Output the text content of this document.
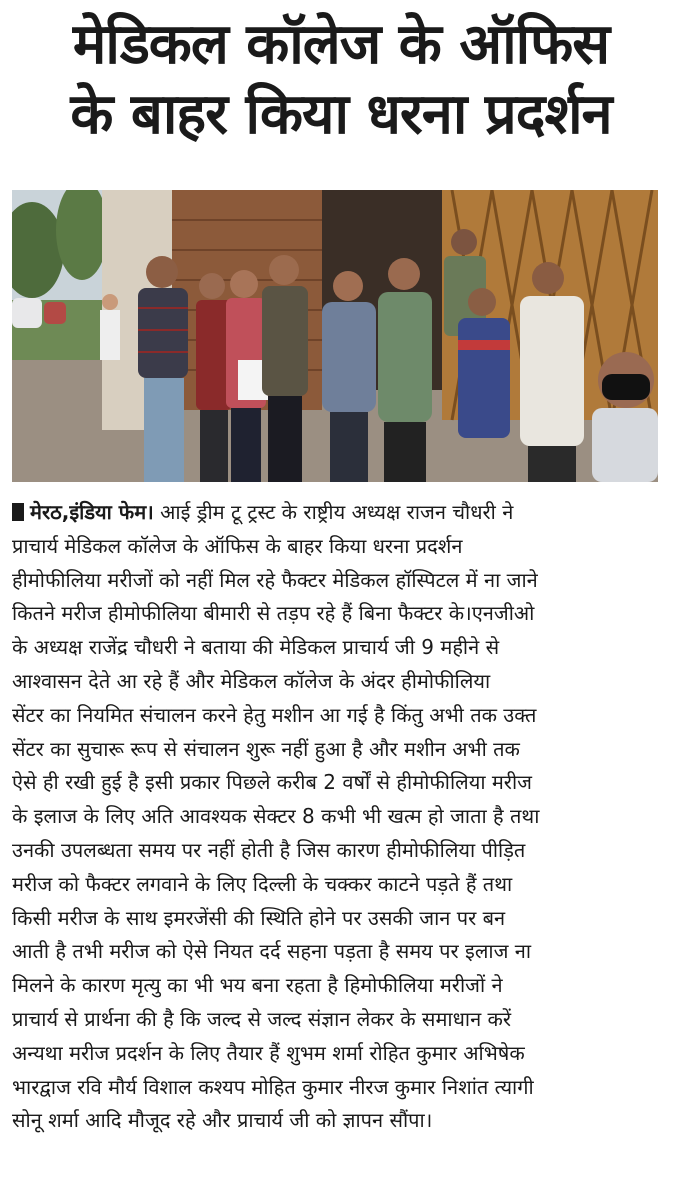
मेडिकल कॉलेज के ऑफिस
के बाहर किया धरना प्रदर्शन
मेरठ,इंडिया फेम। आई ड्रीम टू ट्रस्ट के राष्ट्रीय अध्यक्ष राजन चौधरी ने
प्राचार्य मेडिकल कॉलेज के ऑफिस के बाहर किया धरना प्रदर्शन
हीमोफीलिया मरीजों को नहीं मिल रहे फैक्टर मेडिकल हॉस्पिटल में ना जाने
कितने मरीज हीमोफीलिया बीमारी से तड़प रहे हैं बिना फैक्टर के।एनजीओ
के अध्यक्ष राजेंद्र चौधरी ने बताया की मेडिकल प्राचार्य जी 9 महीने से
आश्वासन देते आ रहे हैं और मेडिकल कॉलेज के अंदर हीमोफीलिया
सेंटर का नियमित संचालन करने हेतु मशीन आ गई है किंतु अभी तक उक्त
सेंटर का सुचारू रूप से संचालन शुरू नहीं हुआ है और मशीन अभी तक
ऐसे ही रखी हुई है इसी प्रकार पिछले करीब 2 वर्षों से हीमोफीलिया मरीज
के इलाज के लिए अति आवश्यक सेक्टर 8 कभी भी खत्म हो जाता है तथा
उनकी उपलब्धता समय पर नहीं होती है जिस कारण हीमोफीलिया पीड़ित
मरीज को फैक्टर लगवाने के लिए दिल्ली के चक्कर काटने पड़ते हैं तथा
किसी मरीज के साथ इमरजेंसी की स्थिति होने पर उसकी जान पर बन
आती है तभी मरीज को ऐसे नियत दर्द सहना पड़ता है समय पर इलाज ना
मिलने के कारण मृत्यु का भी भय बना रहता है हिमोफीलिया मरीजों ने
प्राचार्य से प्रार्थना की है कि जल्द से जल्द संज्ञान लेकर के समाधान करें
अन्यथा मरीज प्रदर्शन के लिए तैयार हैं शुभम शर्मा रोहित कुमार अभिषेक
भारद्वाज रवि मौर्य विशाल कश्यप मोहित कुमार नीरज कुमार निशांत त्यागी
सोनू शर्मा आदि मौजूद रहे और प्राचार्य जी को ज्ञापन सौंपा।
